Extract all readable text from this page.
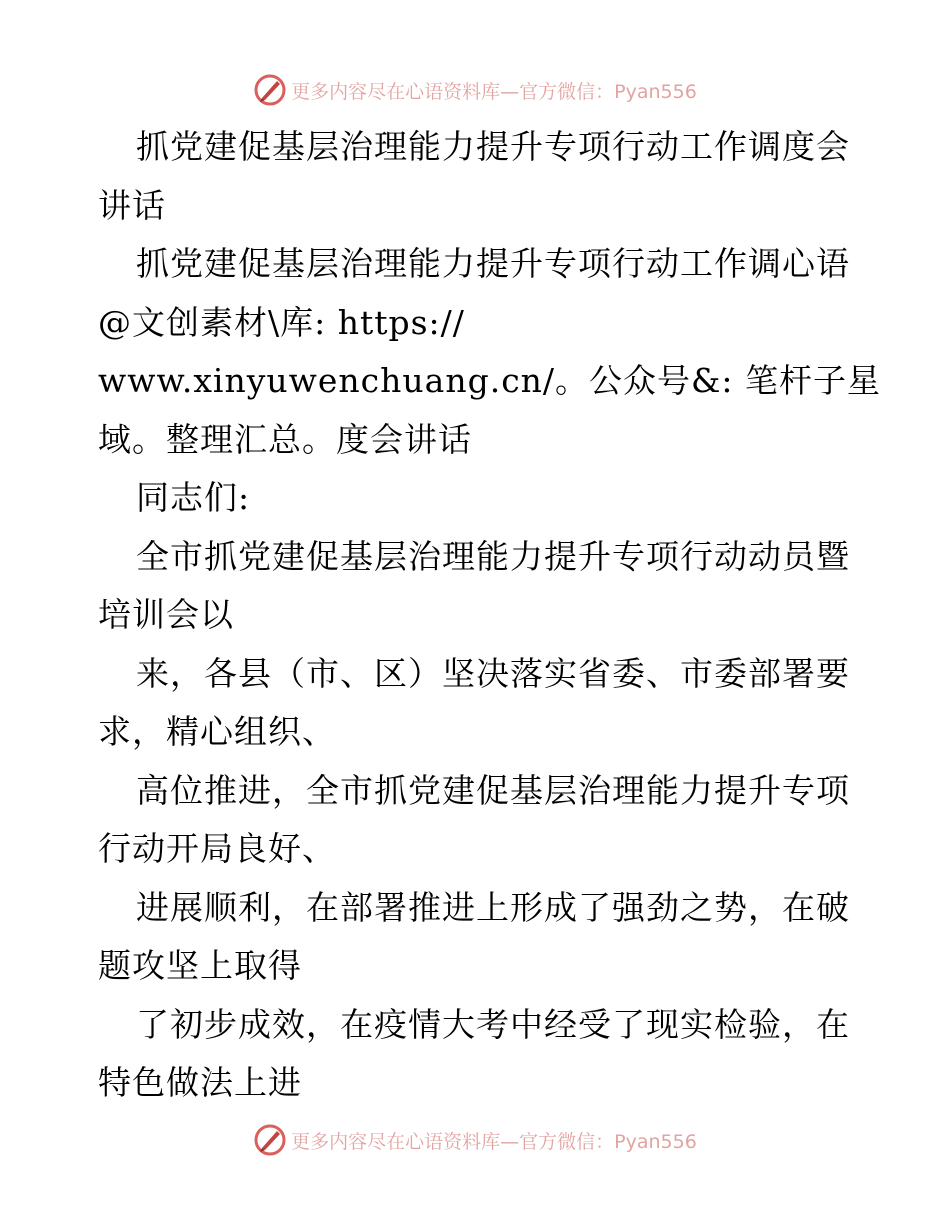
更多内容尽在心语资料库—官方微信：Pyan556
抓党建促基层治理能力提升专项行动工作调度会
讲话
抓党建促基层治理能力提升专项行动工作调心语
@文创素材\库: https://
www.xinyuwenchuang.cn/。公众号&: 笔杆子星
域。整理汇总。度会讲话
同志们:
全市抓党建促基层治理能力提升专项行动动员暨
培训会以
来，各县（市、区）坚决落实省委、市委部署要
求，精心组织、
高位推进，全市抓党建促基层治理能力提升专项
行动开局良好、
进展顺利，在部署推进上形成了强劲之势，在破
题攻坚上取得
了初步成效，在疫情大考中经受了现实检验，在
特色做法上进
更多内容尽在心语资料库—官方微信：Pyan556
